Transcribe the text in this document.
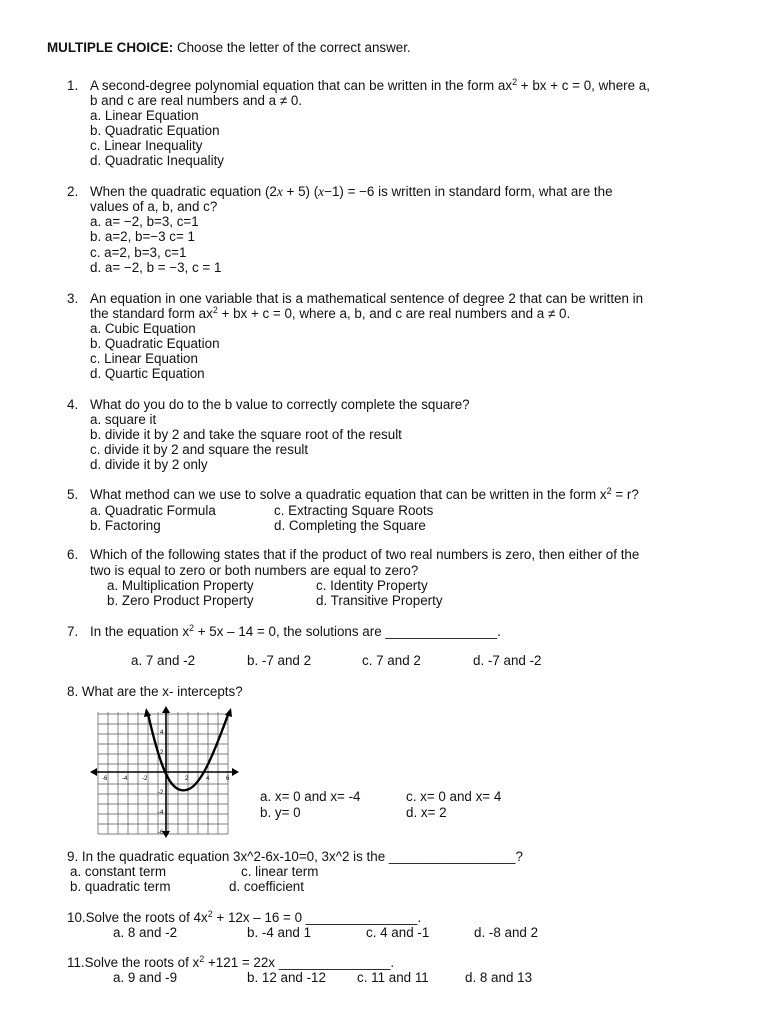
MULTIPLE CHOICE: Choose the letter of the correct answer.
1. A second-degree polynomial equation that can be written in the form $ax^2$ + bx + c = 0, where a,
b and c are real numbers and a ≠ 0.
a. Linear Equation
b. Quadratic Equation
c. Linear Inequality
d. Quadratic Inequality
2. When the quadratic equation (2x + 5) (x−1) = −6 is written in standard form, what are the
values of a, b, and c?
a. a= −2, b=3, c=1
b. a=2, b=−3 c= 1
c. a=2, b=3, c=1
d. a= −2, b = −3, c = 1
3. An equation in one variable that is a mathematical sentence of degree 2 that can be written in
the standard form $ax^2$ + bx + c = 0, where a, b, and c are real numbers and a ≠ 0.
a. Cubic Equation
b. Quadratic Equation
c. Linear Equation
d. Quartic Equation
4. What do you do to the b value to correctly complete the square?
a. square it
b. divide it by 2 and take the square root of the result
c. divide it by 2 and square the result
d. divide it by 2 only
5. What method can we use to solve a quadratic equation that can be written in the form $x^2 = r$?
a. Quadratic Formula	c. Extracting Square Roots
b. Factoring	d. Completing the Square
6. Which of the following states that if the product of two real numbers is zero, then either of the
two is equal to zero or both numbers are equal to zero?
a. Multiplication Property	c. Identity Property
b. Zero Product Property	d. Transitive Property
7. In the equation $x^2 + 5x - 14 = 0$, the solutions are _______________.
a. 7 and -2	b. -7 and 2	c. 7 and 2	d. -7 and -2
8. What are the x- intercepts?
-6 -4 -2	2	4	6
4
2
-2
-4
-6
a. x= 0 and x= -4	c. x= 0 and x= 4
b. y= 0	d. x= 2
9. In the quadratic equation 3x^2-6x-10=0, 3x^2 is the _________________?
a. constant term	c. linear term
b. quadratic term	d. coefficient
10.Solve the roots of $4x^2 + 12x - 16 = 0$ _______________.
a. 8 and -2	b. -4 and 1	c. 4 and -1	d. -8 and 2
11.Solve the roots of $x^2 +121 = 22x$ _______________.
a. 9 and -9	b. 12 and -12 c. 11 and 11	d. 8 and 13
